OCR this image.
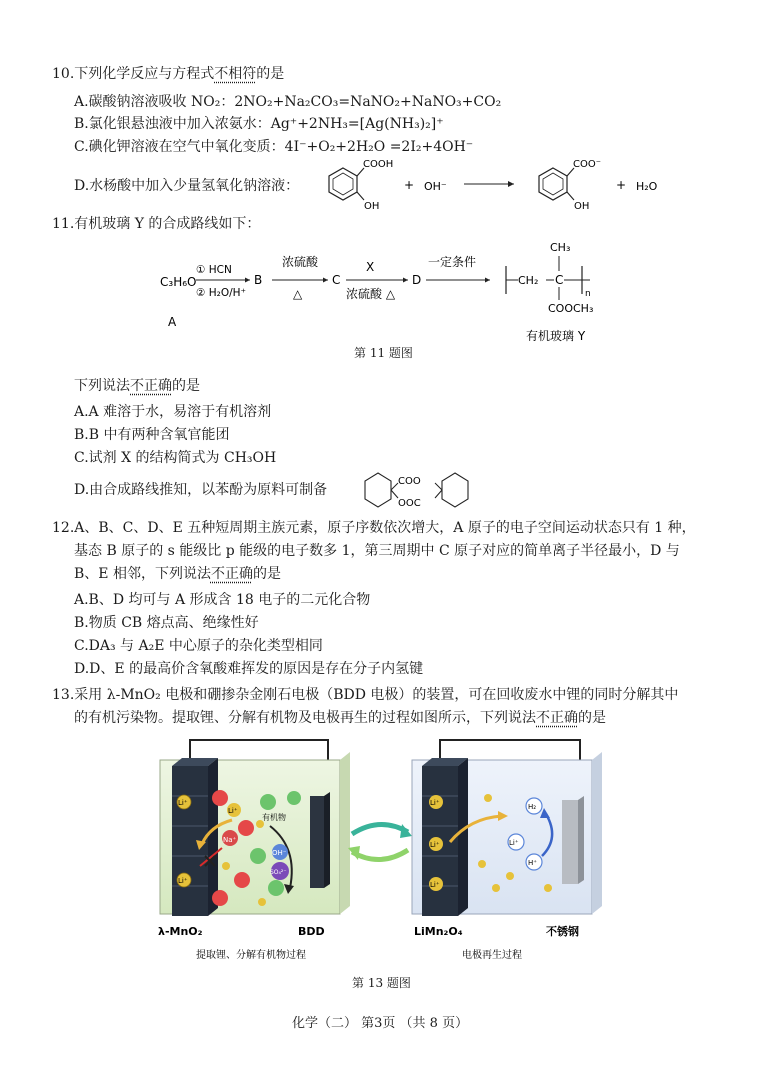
10.下列化学反应与方程式不相符的是
A.碳酸钠溶液吸收 NO₂：2NO₂+Na₂CO₃=NaNO₂+NaNO₃+CO₂
B.氯化银悬浊液中加入浓氨水：Ag⁺+2NH₃=[Ag(NH₃)₂]⁺
C.碘化钾溶液在空气中氧化变质：4I⁻+O₂+2H₂O =2I₂+4OH⁻
D.水杨酸中加入少量氢氧化钠溶液：
COOH
OH
+ OH⁻
COO⁻
OH
+ H₂O
11.有机玻璃 Y 的合成路线如下：
C₃H₆O
A
① HCN
② H₂O/H⁺
B
浓硫酸
△
C
X
浓硫酸 △
D
一定条件
CH₂ C
CH₃
COOCH₃
n
有机玻璃 Y
第 11 题图
下列说法不正确的是
A.A 难溶于水，易溶于有机溶剂
B.B 中有两种含氧官能团
C.试剂 X 的结构简式为 CH₃OH
D.由合成路线推知，以苯酚为原料可制备
COO
OOC
12.A、B、C、D、E 五种短周期主族元素，原子序数依次增大，A 原子的电子空间运动状态只有 1 种，
基态 B 原子的 s 能级比 p 能级的电子数多 1，第三周期中 C 原子对应的简单离子半径最小，D 与
B、E 相邻，下列说法不正确的是
A.B、D 均可与 A 形成含 18 电子的二元化合物
B.物质 CB 熔点高、绝缘性好
C.DA₃ 与 A₂E 中心原子的杂化类型相同
D.D、E 的最高价含氧酸难挥发的原因是存在分子内氢键
13.采用 λ-MnO₂ 电极和硼掺杂金刚石电极（BDD 电极）的装置，可在回收废水中锂的同时分解其中
的有机污染物。提取锂、分解有机物及电极再生的过程如图所示，下列说法不正确的是
Li⁺
Li⁺
Li⁺
Na⁺
有机物
OH⁻
SO₄²⁻
λ-MnO₂	BDD
提取锂、分解有机物过程
Li⁺
Li⁺
Li⁺
Li⁺
H₂
H⁺
LiMn₂O₄	不锈钢
电极再生过程
第 13 题图
化学（二） 第3页 （共 8 页）
